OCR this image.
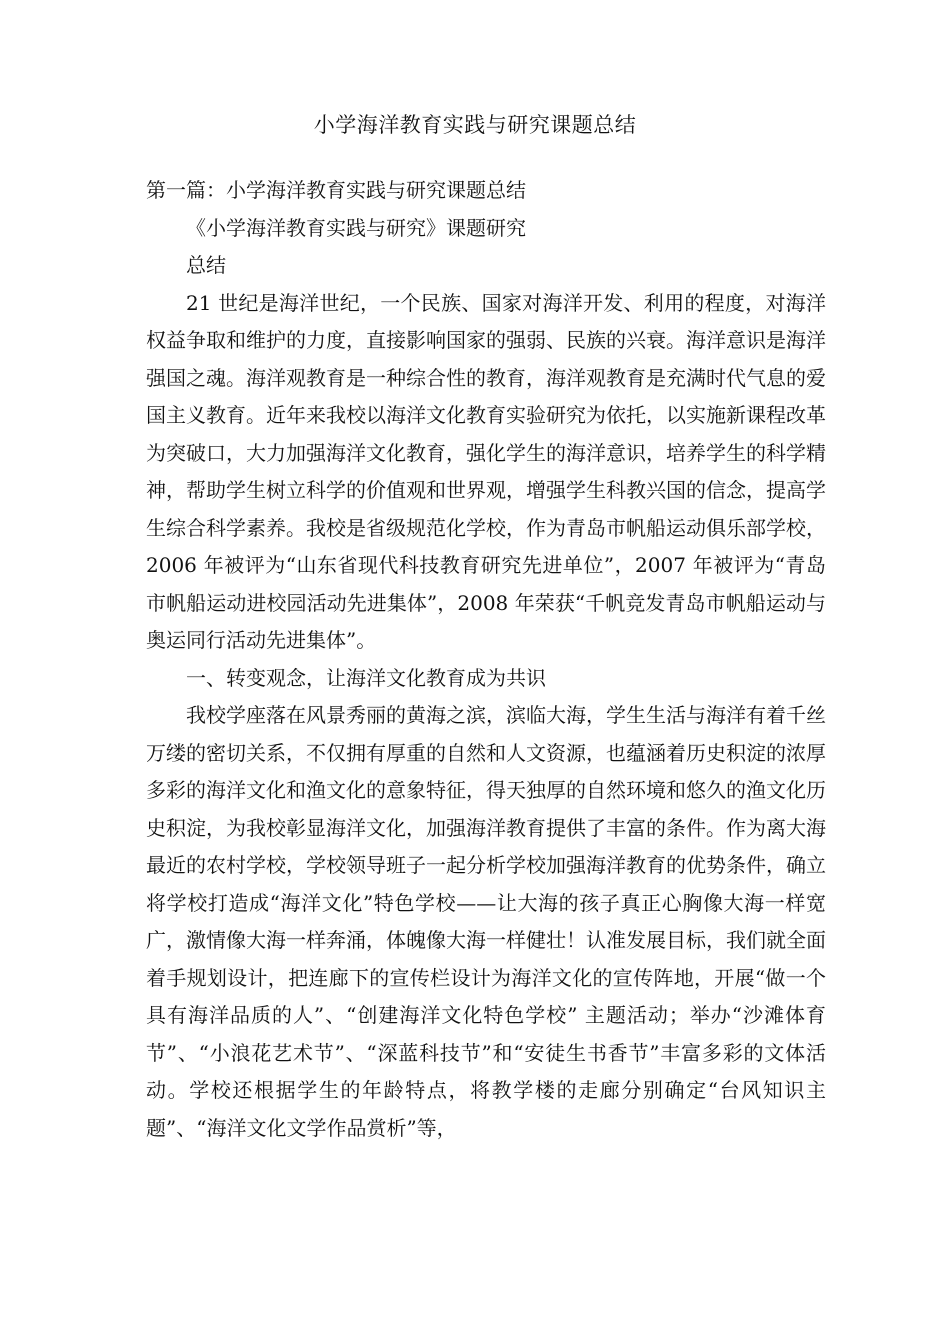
小学海洋教育实践与研究课题总结

第一篇：小学海洋教育实践与研究课题总结

《小学海洋教育实践与研究》课题研究

总结

21 世纪是海洋世纪，一个民族、国家对海洋开发、利用的程度，对海洋权益争取和维护的力度，直接影响国家的强弱、民族的兴衰。海洋意识是海洋强国之魂。海洋观教育是一种综合性的教育，海洋观教育是充满时代气息的爱国主义教育。近年来我校以海洋文化教育实验研究为依托，以实施新课程改革为突破口，大力加强海洋文化教育，强化学生的海洋意识，培养学生的科学精神，帮助学生树立科学的价值观和世界观，增强学生科教兴国的信念，提高学生综合科学素养。我校是省级规范化学校，作为青岛市帆船运动俱乐部学校，2006 年被评为“山东省现代科技教育研究先进单位”，2007 年被评为“青岛市帆船运动进校园活动先进集体”，2008 年荣获“千帆竞发青岛市帆船运动与奥运同行活动先进集体”。

一、转变观念，让海洋文化教育成为共识

我校学座落在风景秀丽的黄海之滨，滨临大海，学生生活与海洋有着千丝万缕的密切关系，不仅拥有厚重的自然和人文资源，也蕴涵着历史积淀的浓厚多彩的海洋文化和渔文化的意象特征，得天独厚的自然环境和悠久的渔文化历史积淀，为我校彰显海洋文化，加强海洋教育提供了丰富的条件。作为离大海最近的农村学校，学校领导班子一起分析学校加强海洋教育的优势条件，确立将学校打造成“海洋文化”特色学校——让大海的孩子真正心胸像大海一样宽广，激情像大海一样奔涌，体魄像大海一样健壮！认准发展目标，我们就全面着手规划设计，把连廊下的宣传栏设计为海洋文化的宣传阵地，开展“做一个具有海洋品质的人”、“创建海洋文化特色学校” 主题活动；举办“沙滩体育节”、“小浪花艺术节”、“深蓝科技节”和“安徒生书香节”丰富多彩的文体活动。学校还根据学生的年龄特点，将教学楼的走廊分别确定“台风知识主题”、“海洋文化文学作品赏析”等，
